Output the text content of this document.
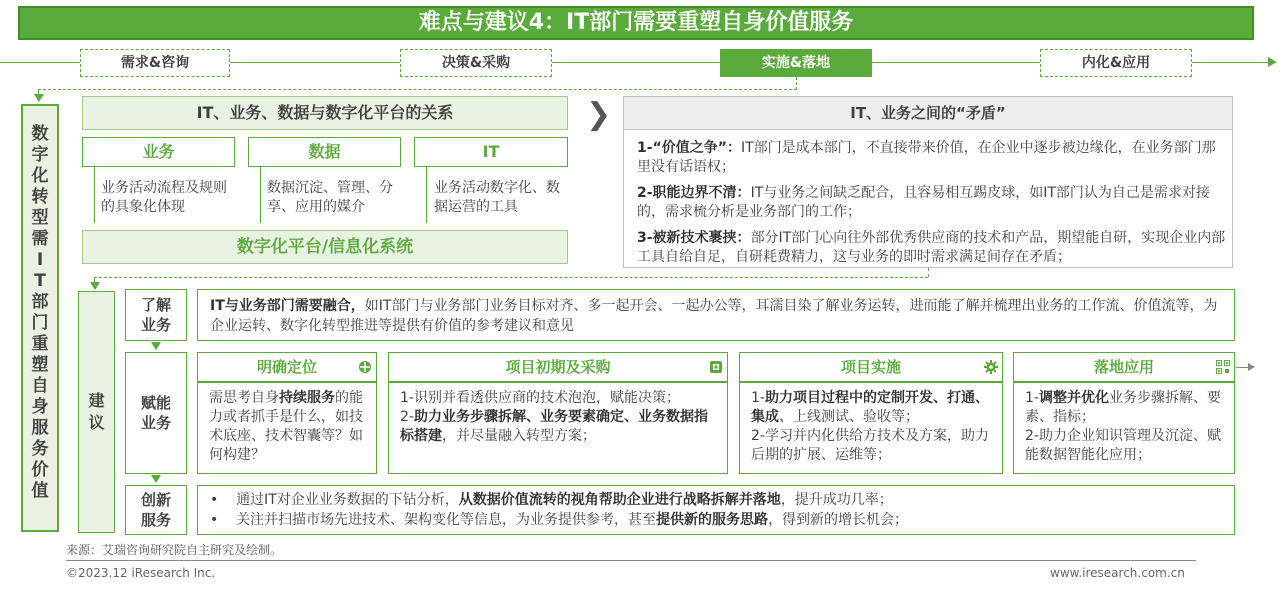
难点与建议4：IT部门需要重塑自身价值服务
需求&咨询	决策&采购	实施&落地	内化&应用
数
字
化
转
型
需
I
T
部
门
重
塑
自
身
服
务
价
值
IT、业务、数据与数字化平台的关系
业务	数据	IT
业务活动流程及规则的具象化体现
数据沉淀、管理、分享、应用的媒介
业务活动数字化、数据运营的工具
数字化平台/信息化系统
❯	IT、业务之间的“矛盾”
1-“价值之争”：IT部门是成本部门，不直接带来价值，在企业中逐步被边缘化，在业务部门那里没有话语权；
2-职能边界不清：IT与业务之间缺乏配合，且容易相互踢皮球，如IT部门认为自己是需求对接的，需求梳分析是业务部门的工作；
3-被新技术裹挟：部分IT部门心向往外部优秀供应商的技术和产品，期望能自研，实现企业内部工具自给自足，自研耗费精力，这与业务的即时需求满足间存在矛盾；
建议
了解业务
IT与业务部门需要融合，如IT部门与业务部门业务目标对齐、多一起开会、一起办公等，耳濡目染了解业务运转，进而能了解并梳理出业务的工作流、价值流等，为企业运转、数字化转型推进等提供有价值的参考建议和意见
赋能业务
明确定位
需思考自身持续服务的能力或者抓手是什么，如技术底座、技术智囊等？如何构建？
项目初期及采购
1-识别并看透供应商的技术泡泡，赋能决策；
2-助力业务步骤拆解、业务要素确定、业务数据指标搭建，并尽量融入转型方案；
项目实施
1-助力项目过程中的定制开发、打通、集成、上线测试、验收等；
2-学习并内化供给方技术及方案，助力后期的扩展、运维等；
落地应用
1-调整并优化业务步骤拆解、要素、指标；
2-助力企业知识管理及沉淀、赋能数据智能化应用；
创新服务
•    通过IT对企业业务数据的下钻分析，从数据价值流转的视角帮助企业进行战略拆解并落地，提升成功几率；
•    关注并扫描市场先进技术、架构变化等信息，为业务提供参考，甚至提供新的服务思路，得到新的增长机会；
来源：艾瑞咨询研究院自主研究及绘制。
©2023.12 iResearch Inc.	www.iresearch.com.cn
